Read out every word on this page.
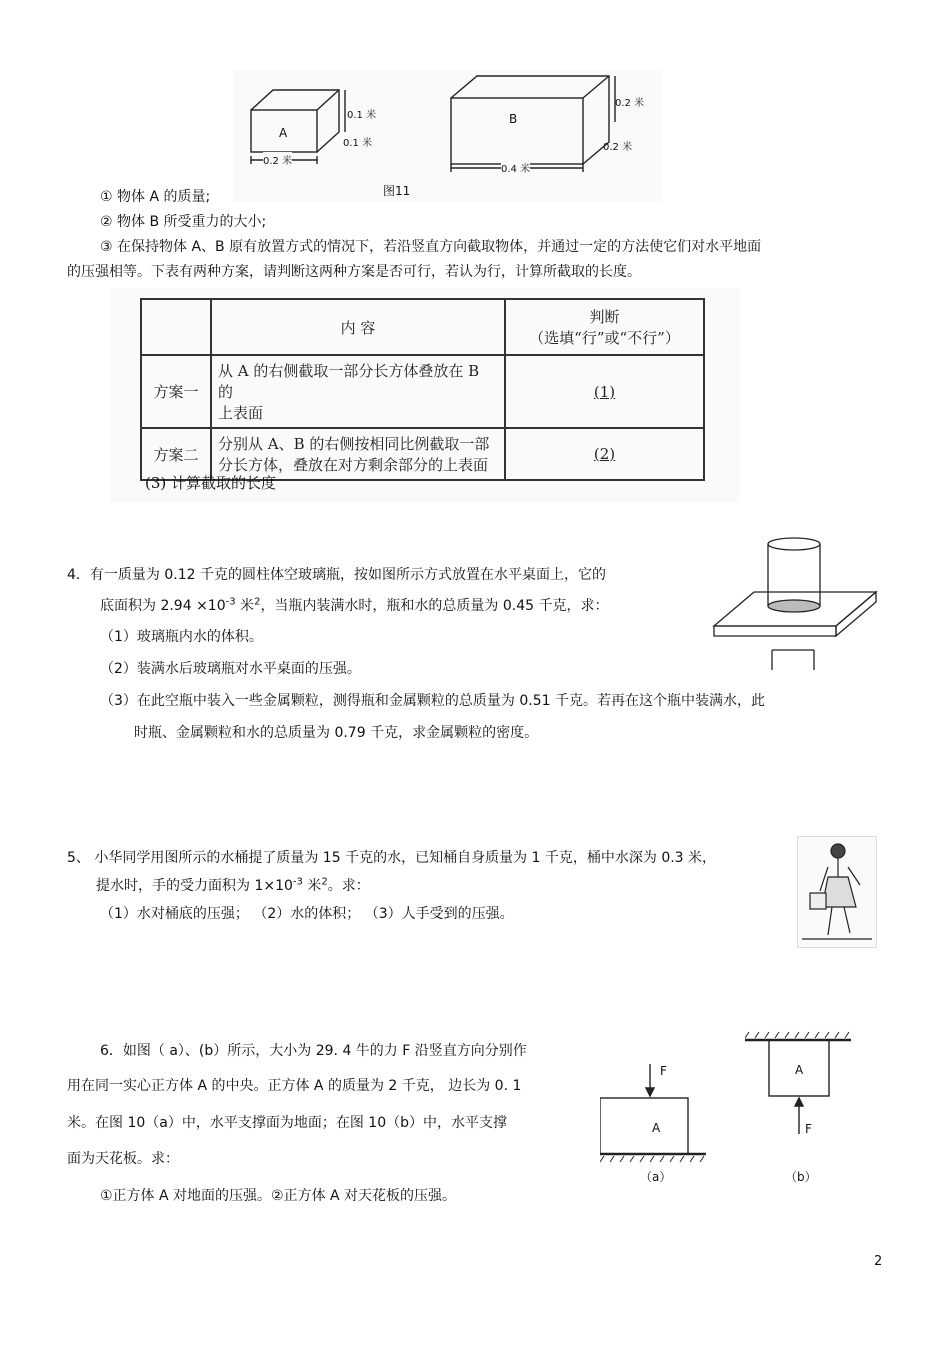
A
0.1 米
0.1 米
0.2 米
B
0.2 米
0.2 米
0.4 米
图11
① 物体 A 的质量;
② 物体 B 所受重力的大小;
③ 在保持物体 A、B 原有放置方式的情况下，若沿竖直方向截取物体，并通过一定的方法使它们对水平地面
的压强相等。下表有两种方案，请判断这两种方案是否可行，若认为行，计算所截取的长度。
	内 容	判断
（选填“行”或“不行”）

方案一	从 A 的右侧截取一部分长方体叠放在 B 的
上表面	(1)
方案二	分别从 A、B 的右侧按相同比例截取一部
分长方体，叠放在对方剩余部分的上表面	(2)
(3) 计算截取的长度
4．有一质量为 0.12 千克的圆柱体空玻璃瓶，按如图所示方式放置在水平桌面上，它的
底面积为 $2.94 \times 10^{-3}$ 米$^2$，当瓶内装满水时，瓶和水的总质量为 0.45 千克，求：
（1）玻璃瓶内水的体积。
（2）装满水后玻璃瓶对水平桌面的压强。
（3）在此空瓶中装入一些金属颗粒，测得瓶和金属颗粒的总质量为 0.51 千克。若再在这个瓶中装满水，此
时瓶、金属颗粒和水的总质量为 0.79 千克，求金属颗粒的密度。
5、 小华同学用图所示的水桶提了质量为 15 千克的水，已知桶自身质量为 1 千克，桶中水深为 0.3 米，
提水时，手的受力面积为 $1\times 10^{-3}$ 米$^2$。求：
（1）水对桶底的压强； （2）水的体积； （3）人手受到的压强。
6．如图（ a）、(b）所示，大小为 29. 4 牛的力 F 沿竖直方向分别作
用在同一实心正方体 A 的中央。正方体 A 的质量为 2 千克， 边长为 0. 1
米。在图 10（a）中，水平支撑面为地面；在图 10（b）中，水平支撑
面为天花板。求：
①正方体 A 对地面的压强。②正方体 A 对天花板的压强。
F
A
（a）
A
F
（b）
2
